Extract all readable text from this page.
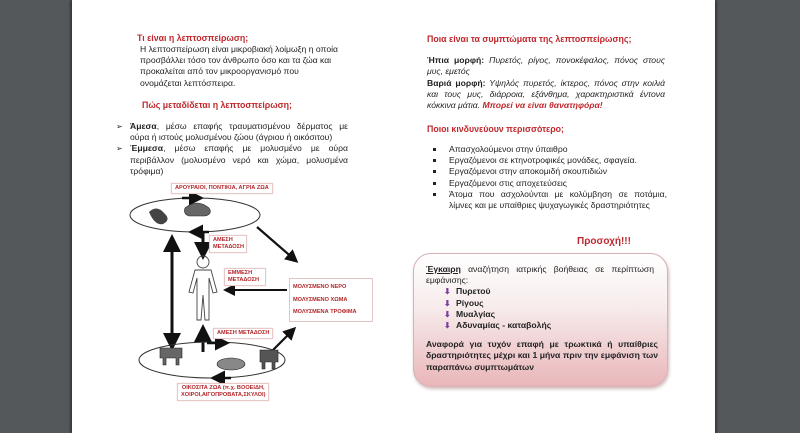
Τι είναι η λεπτοσπείρωση;
Η λεπτοσπείρωση είναι μικροβιακή λοίμωξη η οποία προσβάλλει τόσο τον άνθρωπο όσο και τα ζώα και προκαλείται από τον μικροοργανισμό που ονομάζεται λεπτόσπειρα.
Πώς μεταδίδεται η λεπτοσπείρωση;
➢ Άμεσα, μέσω επαφής τραυματισμένου δέρματος με ούρα ή ιστούς μολυσμένου ζώου (άγριου ή οικόσιτου)
➢ Έμμεσα, μέσω επαφής με μολυσμένο με ούρα περιβάλλον (μολυσμένο νερό και χώμα, μολυσμένα τρόφιμα)
ΑΡΟΥΡΑΙΟΙ, ΠΟΝΤΙΚΙΑ, ΑΓΡΙΑ ΖΩΑ
ΑΜΕΣΗ ΜΕΤΑΔΟΣΗ
ΕΜΜΕΣΗ ΜΕΤΑΔΟΣΗ
ΜΟΛΥΣΜΕΝΟ ΝΕΡΟ
ΜΟΛΥΣΜΕΝΟ ΧΩΜΑ
ΜΟΛΥΣΜΕΝΑ ΤΡΟΦΙΜΑ
ΑΜΕΣΗ ΜΕΤΑΔΟΣΗ
ΟΙΚΟΣΙΤΑ ΖΩΑ (π.χ. ΒΟΟΕΙΔΗ,
ΧΟΙΡΟΙ,ΑΙΓΟΠΡΟΒΑΤΑ,ΣΚΥΛΟΙ)
Ποια είναι τα συμπτώματα της λεπτοσπείρωσης;
Ήπια μορφή: Πυρετός, ρίγος, πονοκέφαλος, πόνος στους μυς, εμετός
Βαριά μορφή: Υψηλός πυρετός, ίκτερος, πόνος στην κοιλιά και τους μυς, διάρροια, εξάνθημα, χαρακτηριστικά έντονα κόκκινα μάτια. Μπορεί να είναι θανατηφόρα!
Ποιοι κινδυνεύουν περισσότερο;
Απασχολούμενοι στην ύπαιθρο
Εργαζόμενοι σε κτηνοτροφικές μονάδες, σφαγεία.
Εργαζόμενοι στην αποκομιδή σκουπιδιών
Εργαζόμενοι στις αποχετεύσεις
Άτομα που ασχολούνται με κολύμβηση σε ποτάμια, λίμνες και με υπαίθριες ψυχαγωγικές δραστηριότητες
Προσοχή!!!
Έγκαιρη αναζήτηση ιατρικής βοήθειας σε περίπτωση εμφάνισης:
⬇ Πυρετού
⬇ Ρίγους
⬇ Μυαλγίας
⬇ Αδυναμίας - καταβολής
Αναφορά για τυχόν επαφή με τρωκτικά ή υπαίθριες δραστηριότητες μέχρι και 1 μήνα πριν την εμφάνιση των παραπάνω συμπτωμάτων
